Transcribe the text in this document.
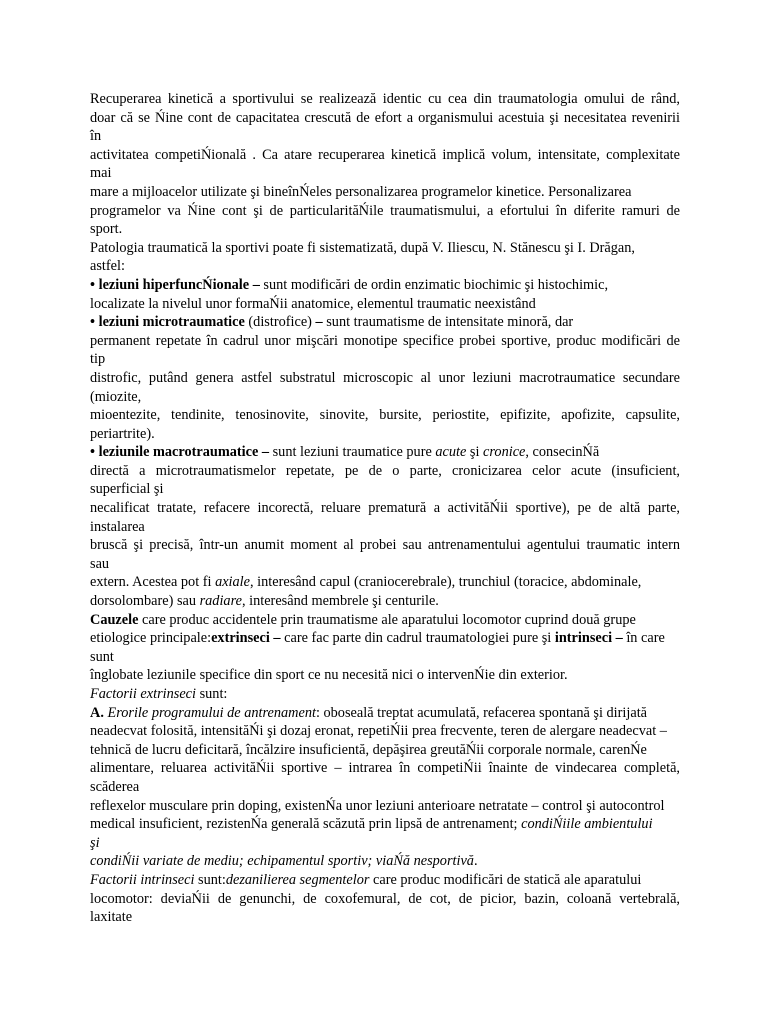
Recuperarea kinetică a sportivului se realizează identic cu cea din traumatologia omului de rând,
doar că se Ńine cont de capacitatea crescută de efort a organismului acestuia şi necesitatea revenirii
în
activitatea competiŃională . Ca atare recuperarea kinetică implică volum, intensitate, complexitate
mai
mare a mijloacelor utilizate şi bineînŃeles personalizarea programelor kinetice. Personalizarea
programelor va Ńine cont şi de particularităŃile traumatismului, a efortului în diferite ramuri de
sport.
Patologia traumatică la sportivi poate fi sistematizată, după V. Iliescu, N. Stănescu şi I. Drăgan,
astfel:
• leziuni hiperfuncŃionale – sunt modificări de ordin enzimatic biochimic şi histochimic,
localizate la nivelul unor formaŃii anatomice, elementul traumatic neexistând
• leziuni microtraumatice (distrofice) – sunt traumatisme de intensitate minoră, dar
permanent repetate în cadrul unor mişcări monotipe specifice probei sportive, produc modificări de
tip
distrofic, putând genera astfel substratul microscopic al unor leziuni macrotraumatice secundare
(miozite,
mioentezite, tendinite, tenosinovite, sinovite, bursite, periostite, epifizite, apofizite, capsulite,
periartrite).
• leziunile macrotraumatice – sunt leziuni traumatice pure acute şi cronice, consecinŃă
directă a microtraumatismelor repetate, pe de o parte, cronicizarea celor acute (insuficient,
superficial şi
necalificat tratate, refacere incorectă, reluare prematură a activităŃii sportive), pe de altă parte,
instalarea
bruscă şi precisă, într-un anumit moment al probei sau antrenamentului agentului traumatic intern
sau
extern. Acestea pot fi axiale, interesând capul (craniocerebrale), trunchiul (toracice, abdominale,
dorsolombare) sau radiare, interesând membrele şi centurile.
Cauzele care produc accidentele prin traumatisme ale aparatului locomotor cuprind două grupe
etiologice principale:extrinseci – care fac parte din cadrul traumatologiei pure şi intrinseci – în care
sunt
înglobate leziunile specifice din sport ce nu necesită nici o intervenŃie din exterior.
Factorii extrinseci sunt:
A. Erorile programului de antrenament: oboseală treptat acumulată, refacerea spontană şi dirijată
neadecvat folosită, intensităŃi şi dozaj eronat, repetiŃii prea frecvente, teren de alergare neadecvat –
tehnică de lucru deficitară, încălzire insuficientă, depăşirea greutăŃii corporale normale, carenŃe
alimentare, reluarea activităŃii sportive – intrarea în competiŃii înainte de vindecarea completă,
scăderea
reflexelor musculare prin doping, existenŃa unor leziuni anterioare netratate – control şi autocontrol
medical insuficient, rezistenŃa generală scăzută prin lipsă de antrenament; condiŃiile ambientului
şi
condiŃii variate de mediu; echipamentul sportiv; viaŃă nesportivă.
Factorii intrinseci sunt:dezanilierea segmentelor care produc modificări de statică ale aparatului
locomotor: deviaŃii de genunchi, de coxofemural, de cot, de picior, bazin, coloană vertebrală,
laxitate
